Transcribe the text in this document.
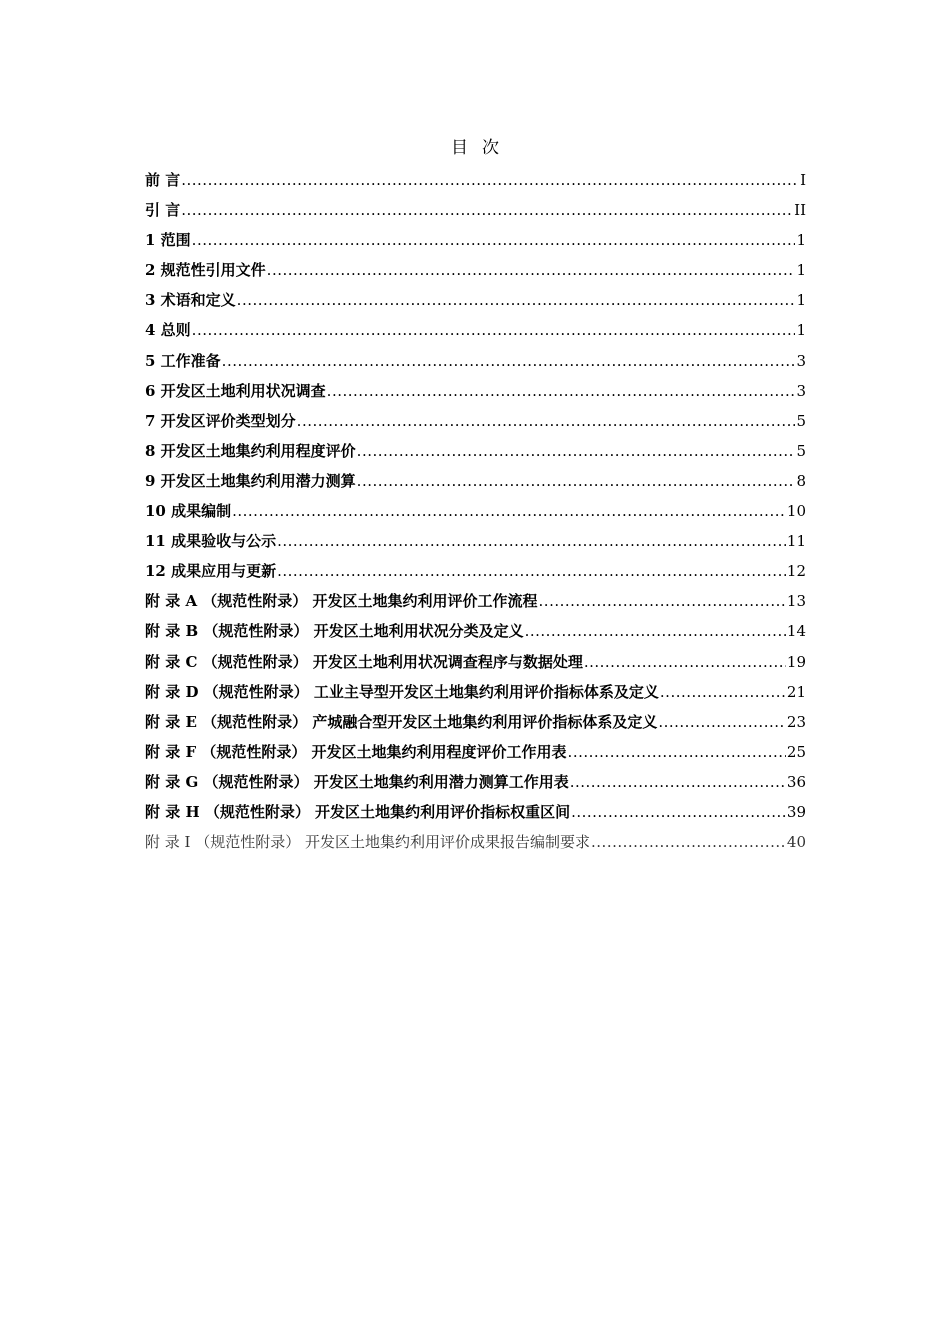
目次
前 言 .....	I
引 言 .....	II
1 范围 .....	1
2 规范性引用文件 .....	1
3 术语和定义 .....	1
4 总则 .....	1
5 工作准备 .....	3
6 开发区土地利用状况调查 .....	3
7 开发区评价类型划分 .....	5
8 开发区土地集约利用程度评价 .....	5
9 开发区土地集约利用潜力测算 .....	8
10 成果编制 .....	10
11 成果验收与公示 .....	11
12 成果应用与更新 .....	12
附 录 A （规范性附录） 开发区土地集约利用评价工作流程 .....	13
附 录 B （规范性附录） 开发区土地利用状况分类及定义 .....	14
附 录 C （规范性附录） 开发区土地利用状况调查程序与数据处理 .....	19
附 录 D （规范性附录） 工业主导型开发区土地集约利用评价指标体系及定义 .....	21
附 录 E （规范性附录） 产城融合型开发区土地集约利用评价指标体系及定义 .....	23
附 录 F （规范性附录） 开发区土地集约利用程度评价工作用表 .....	25
附 录 G （规范性附录） 开发区土地集约利用潜力测算工作用表 .....	36
附 录 H （规范性附录） 开发区土地集约利用评价指标权重区间 .....	39
附 录 I （规范性附录） 开发区土地集约利用评价成果报告编制要求 .....	40
